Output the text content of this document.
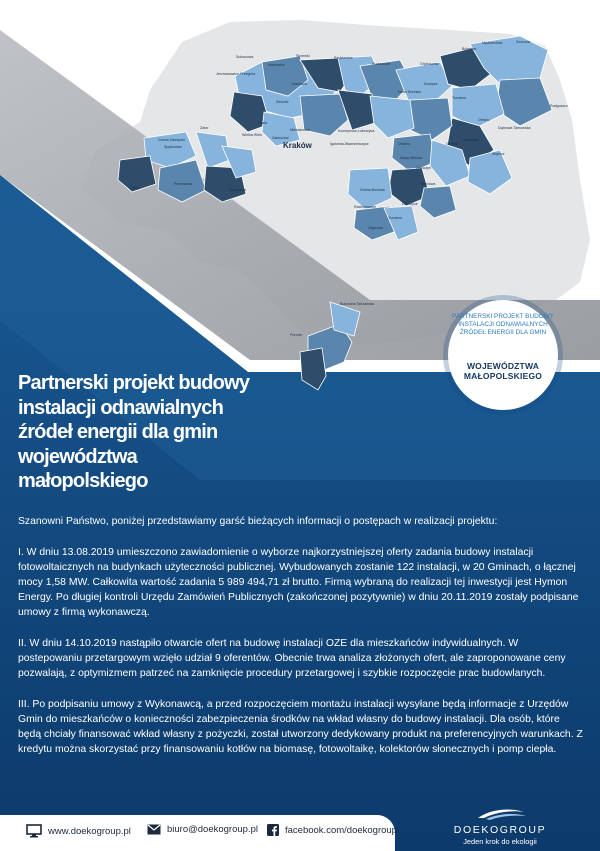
Sułoszowa
Iwanowice
Słomniki	Radziemice
Koniusza
Proszowice
Nowe Brzesko
Koszyce
Gręboszów
Bolesław
Mędrzechów	Szczucin
Trzciana
Radgoszcz
Olesno
Dąbrowa Tarnowska
Jerzmanowice-Przeginia
Zielonki
Michałowice
Skała
Wielka Wieś
Zabierzów
Kocmyrzów-Luborzyca
Igołomia-Wawrzeńczyce	Drwinia
Nowy Wiśnicz
Wojnicz
Gnojnik
Zakliczyn
Łapanów
Gmina Bochnia
Dobczyce
Raciechowice
Zegocina
Trzciana
Wiśniowa
Gmina Oświęcim
Spytkowice
Zator
Osiek
Przeciszów
Brzeźnica
Poronin
Bukowina Tatrzańska
Kraków
PARTNERSKI PROJEKT BUDOWY INSTALACJI ODNAWIALNYCH ŹRÓDEŁ ENERGII DLA GMIN
WOJEWÓDZTWA MAŁOPOLSKIEGO
Partnerski projekt budowy instalacji odnawialnych źródeł energii dla gmin województwa małopolskiego

Szanowni Państwo, poniżej przedstawiamy garść bieżących informacji o postępach w realizacji projektu:

I. W dniu 13.08.2019 umieszczono zawiadomienie o wyborze najkorzystniejszej oferty zadania budowy instalacji fotowoltaicznych na budynkach użyteczności publicznej. Wybudowanych zostanie 122 instalacji, w 20 Gminach, o łącznej mocy 1,58 MW. Całkowita wartość zadania 5 989 494,71 zł brutto. Firmą wybraną do realizacji tej inwestycji jest Hymon Energy. Po długiej kontroli Urzędu Zamówień Publicznych (zakończonej pozytywnie) w dniu 20.11.2019 zostały podpisane umowy z firmą wykonawczą.

II. W dniu 14.10.2019 nastąpiło otwarcie ofert na budowę instalacji OZE dla mieszkańców indywidualnych. W postepowaniu przetargowym wzięło udział 9 oferentów. Obecnie trwa analiza złożonych ofert, ale zaproponowane ceny pozwalają, z optymizmem patrzeć na zamknięcie procedury przetargowej i szybkie rozpoczęcie prac budowlanych.

III. Po podpisaniu umowy z Wykonawcą, a przed rozpoczęciem montażu instalacji wysyłane będą informacje z Urzędów Gmin do mieszkańców o konieczności zabezpieczenia środków na wkład własny do budowy instalacji. Dla osób, które będą chciały finansować wkład własny z pożyczki, został utworzony dedykowany produkt na preferencyjnych warunkach. Z kredytu można skorzystać przy finansowaniu kotłów na biomasę, fotowoltaikę, kolektorów słonecznych i pomp ciepła.

www.doekogroup.pl	biuro@doekogroup.pl	facebook.com/doekogroup	DOEKOGROUP
Jeden krok do ekologii
